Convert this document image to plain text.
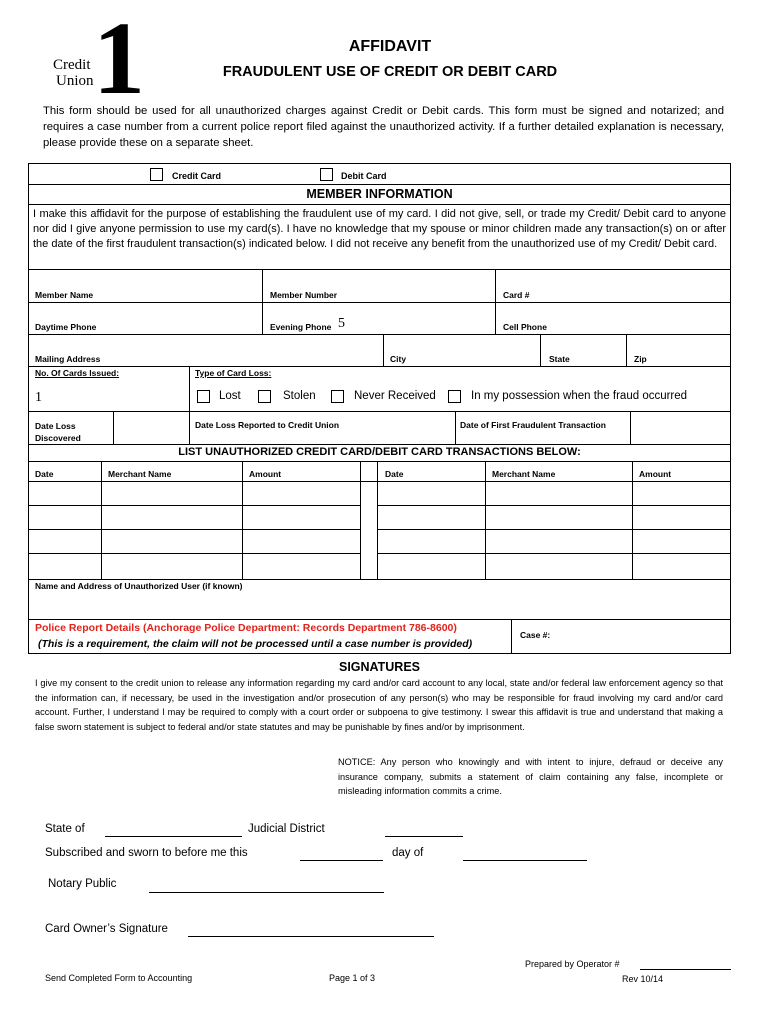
Credit
Union 1	AFFIDAVIT
FRAUDULENT USE OF CREDIT OR DEBIT CARD
This form should be used for all unauthorized charges against Credit or Debit cards. This form must be signed and notarized; and requires a case number from a current police report filed against the unauthorized activity. If a further detailed explanation is necessary, please provide these on a separate sheet.
Credit Card	Debit Card
MEMBER INFORMATION
I make this affidavit for the purpose of establishing the fraudulent use of my card. I did not give, sell, or trade my Credit/ Debit card to anyone nor did I give anyone permission to use my card(s). I have no knowledge that my spouse or minor children made any transaction(s) on or after the date of the first fraudulent transaction(s) indicated below. I did not receive any benefit from the unauthorized use of my Credit/ Debit card.
Member Name	Member Number	Card #
Daytime Phone	Evening Phone 5	Cell Phone
Mailing Address	City	State	Zip
No. Of Cards Issued:
1
Type of Card Loss:
Lost	Stolen	Never Received	In my possession when the fraud occurred
Date Loss Discovered
Date Loss Reported to Credit Union	Date of First Fraudulent Transaction
LIST UNAUTHORIZED CREDIT CARD/DEBIT CARD TRANSACTIONS BELOW:
Date	Merchant Name	Amount	Date	Merchant Name	Amount
Name and Address of Unauthorized User (if known)
Police Report Details (Anchorage Police Department: Records Department 786-8600)
(This is a requirement, the claim will not be processed until a case number is provided)
Case #:
SIGNATURES
I give my consent to the credit union to release any information regarding my card and/or card account to any local, state and/or federal law enforcement agency so that the information can, if necessary, be used in the investigation and/or prosecution of any person(s) who may be responsible for fraud involving my card and/or card account. Further, I understand I may be required to comply with a court order or subpoena to give testimony. I swear this affidavit is true and understand that making a false sworn statement is subject to federal and/or state statutes and may be punishable by fines and/or by imprisonment.
NOTICE: Any person who knowingly and with intent to injure, defraud or deceive any insurance company, submits a statement of claim containing any false, incomplete or misleading information commits a crime.
State of	Judicial District
Subscribed and sworn to before me this	day of
Notary Public
Card Owner’s Signature
Prepared by Operator #
Send Completed Form to Accounting	Page 1 of 3	Rev 10/14
